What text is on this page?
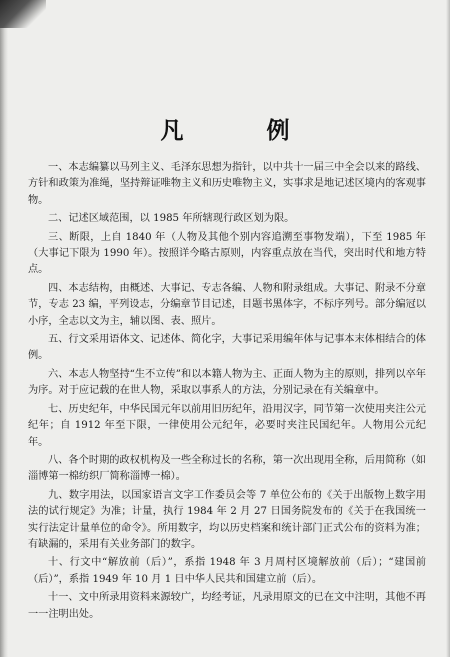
凡　例

一、本志编纂以马列主义、毛泽东思想为指针，以中共十一届三中全会以来的路线、方针和政策为准绳，坚持辩证唯物主义和历史唯物主义，实事求是地记述区境内的客观事物。

二、记述区域范围，以 1985 年所辖现行政区划为限。

三、断限，上自 1840 年（人物及其他个别内容追溯至事物发端），下至 1985 年（大事记下限为 1990 年）。按照详今略古原则，内容重点放在当代，突出时代和地方特点。

四、本志结构，由概述、大事记、专志各编、人物和附录组成。大事记、附录不分章节，专志 23 编，平列设志，分编章节目记述，目题书黑体字，不标序列号。部分编冠以小序，全志以文为主，辅以图、表、照片。

五、行文采用语体文、记述体、简化字，大事记采用编年体与记事本末体相结合的体例。

六、本志人物坚持“生不立传”和以本籍人物为主、正面人物为主的原则，排列以卒年为序。对于应记载的在世人物，采取以事系人的方法，分别记录在有关编章中。

七、历史纪年，中华民国元年以前用旧历纪年，沿用汉字，同节第一次使用夹注公元纪年；自 1912 年至下限，一律使用公元纪年，必要时夹注民国纪年。人物用公元纪年。

八、各个时期的政权机构及一些全称过长的名称，第一次出现用全称，后用简称（如淄博第一棉纺织厂简称淄博一棉）。

九、数字用法，以国家语言文字工作委员会等 7 单位公布的《关于出版物上数字用法的试行规定》为准；计量，执行 1984 年 2 月 27 日国务院发布的《关于在我国统一实行法定计量单位的命令》。所用数字，均以历史档案和统计部门正式公布的资料为准；有缺漏的，采用有关业务部门的数字。

十、行文中“解放前（后）”，系指 1948 年 3 月周村区境解放前（后）；“建国前（后）”，系指 1949 年 10 月 1 日中华人民共和国建立前（后）。

十一、文中所录用资料来源较广，均经考证，凡录用原文的已在文中注明，其他不再一一注明出处。
